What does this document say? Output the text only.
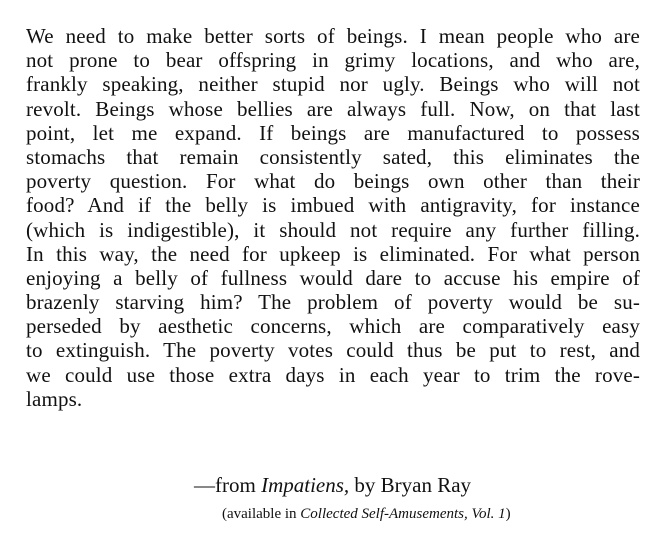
We need to make better sorts of beings. I mean people who are
not prone to bear offspring in grimy locations, and who are,
frankly speaking, neither stupid nor ugly. Beings who will not
revolt. Beings whose bellies are always full. Now, on that last
point, let me expand. If beings are manufactured to possess
stomachs that remain consistently sated, this eliminates the
poverty question. For what do beings own other than their
food? And if the belly is imbued with antigravity, for instance
(which is indigestible), it should not require any further filling.
In this way, the need for upkeep is eliminated. For what person
enjoying a belly of fullness would dare to accuse his empire of
brazenly starving him? The problem of poverty would be su-
perseded by aesthetic concerns, which are comparatively easy
to extinguish. The poverty votes could thus be put to rest, and
we could use those extra days in each year to trim the rove-
lamps.

—from Impatiens, by Bryan Ray
(available in Collected Self-Amusements, Vol. 1)
